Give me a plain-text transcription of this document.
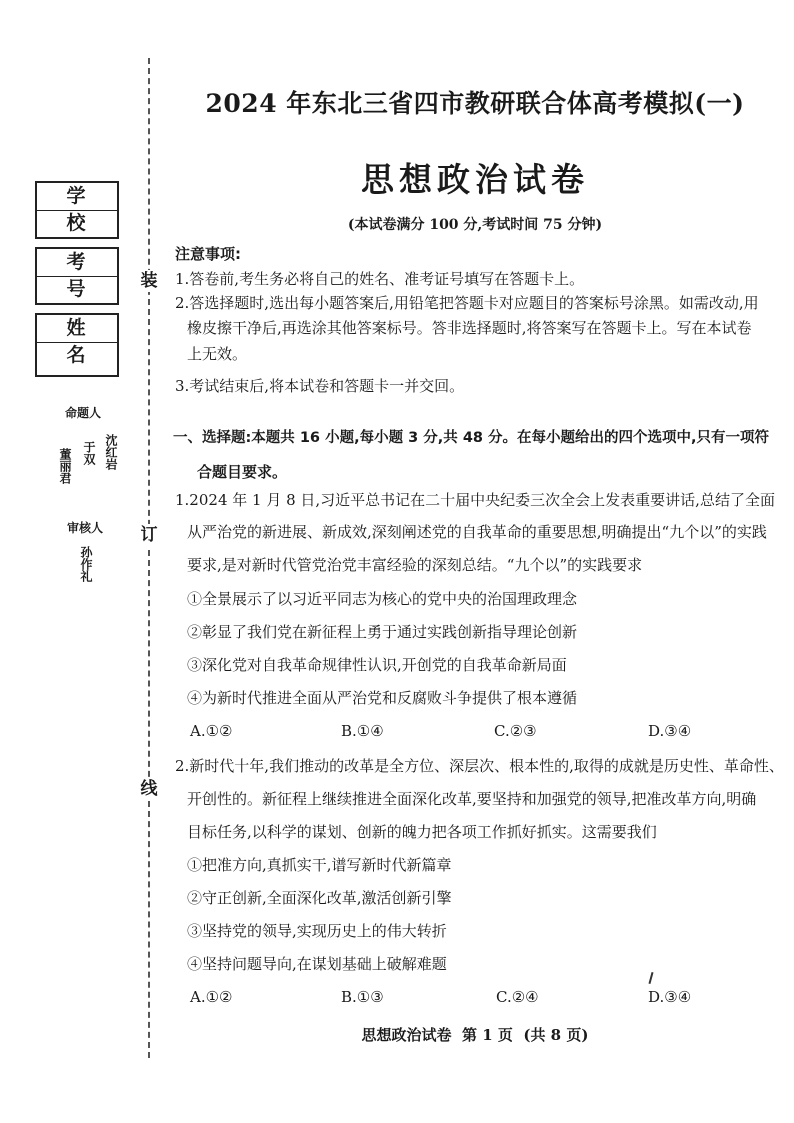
装
订
线
学校
考号
姓名
命题人
董丽君 于双 沈红岩
审核人
孙作礼
2024 年东北三省四市教研联合体高考模拟(一)
思想政治试卷
(本试卷满分 100 分,考试时间 75 分钟)
注意事项:
1.答卷前,考生务必将自己的姓名、准考证号填写在答题卡上。
2.答选择题时,选出每小题答案后,用铅笔把答题卡对应题目的答案标号涂黑。如需改动,用
橡皮擦干净后,再选涂其他答案标号。答非选择题时,将答案写在答题卡上。写在本试卷
上无效。
3.考试结束后,将本试卷和答题卡一并交回。
一、选择题:本题共 16 小题,每小题 3 分,共 48 分。在每小题给出的四个选项中,只有一项符
合题目要求。
1.2024 年 1 月 8 日,习近平总书记在二十届中央纪委三次全会上发表重要讲话,总结了全面
从严治党的新进展、新成效,深刻阐述党的自我革命的重要思想,明确提出“九个以”的实践
要求,是对新时代管党治党丰富经验的深刻总结。“九个以”的实践要求
①全景展示了以习近平同志为核心的党中央的治国理政理念
②彰显了我们党在新征程上勇于通过实践创新指导理论创新
③深化党对自我革命规律性认识,开创党的自我革命新局面
④为新时代推进全面从严治党和反腐败斗争提供了根本遵循
A.①②	B.①④	C.②③	D.③④
2.新时代十年,我们推动的改革是全方位、深层次、根本性的,取得的成就是历史性、革命性、
开创性的。新征程上继续推进全面深化改革,要坚持和加强党的领导,把准改革方向,明确
目标任务,以科学的谋划、创新的魄力把各项工作抓好抓实。这需要我们
①把准方向,真抓实干,谱写新时代新篇章
②守正创新,全面深化改革,激活创新引擎
③坚持党的领导,实现历史上的伟大转折
④坚持问题导向,在谋划基础上破解难题
A.①②	B.①③	C.②④	D.③④
思想政治试卷 第 1 页 (共 8 页)
